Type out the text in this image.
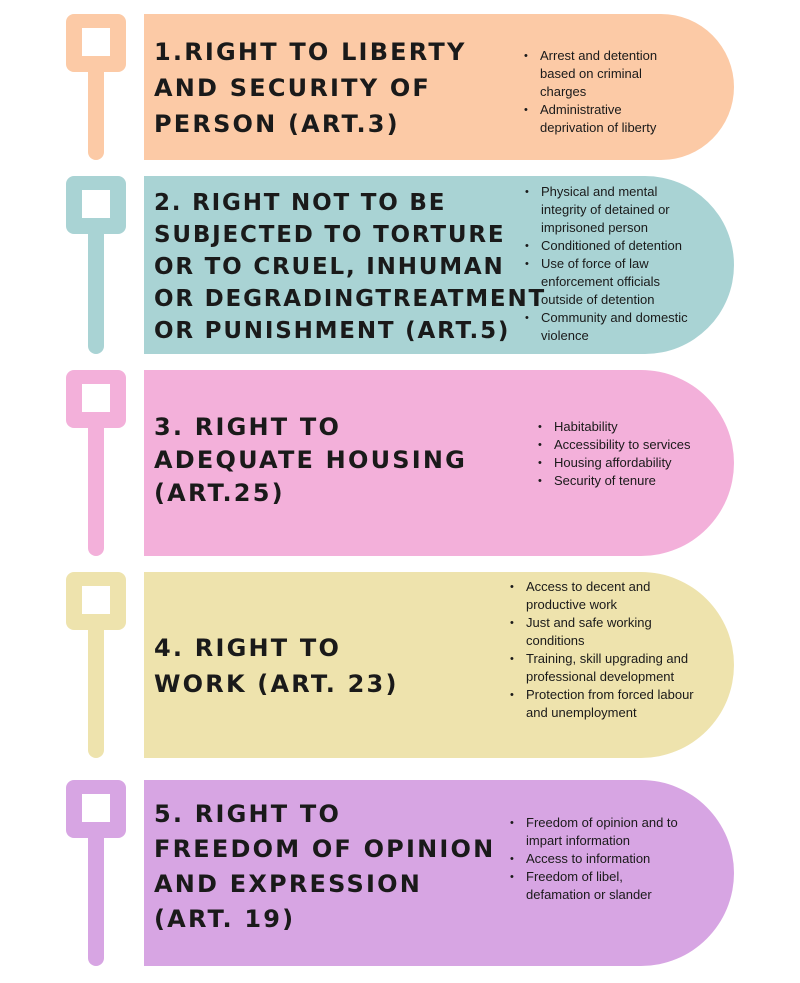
1.RIGHT TO LIBERTY
AND SECURITY OF
PERSON (ART.3)

• Arrest and detention based on criminal charges
• Administrative deprivation of liberty

2. RIGHT NOT TO BE
SUBJECTED TO TORTURE
OR TO CRUEL, INHUMAN
OR DEGRADINGTREATMENT
OR PUNISHMENT (ART.5)

• Physical and mental integrity of detained or imprisoned person
• Conditioned of detention
• Use of force of law enforcement officials outside of detention
• Community and domestic violence

3. RIGHT TO
ADEQUATE HOUSING
(ART.25)

• Habitability
• Accessibility to services
• Housing affordability
• Security of tenure

4. RIGHT TO
WORK (ART. 23)

• Access to decent and productive work
• Just and safe working conditions
• Training, skill upgrading and professional development
• Protection from forced labour and unemployment

5. RIGHT TO
FREEDOM OF OPINION
AND EXPRESSION
(ART. 19)

• Freedom of opinion and to impart information
• Access to information
• Freedom of libel, defamation or slander
